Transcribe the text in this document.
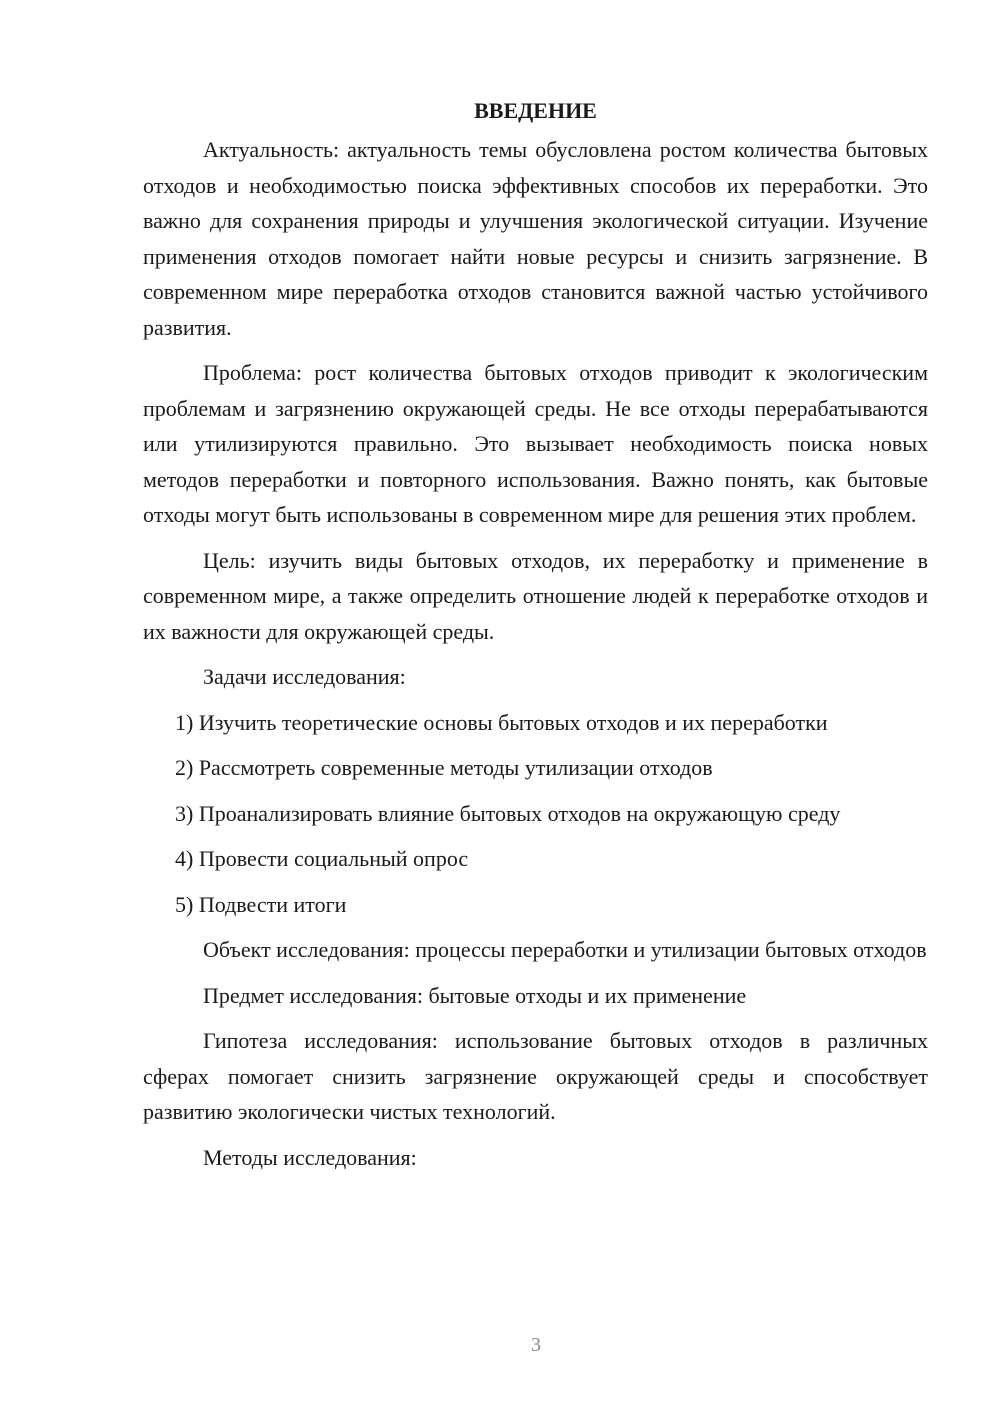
ВВЕДЕНИЕ

Актуальность: актуальность темы обусловлена ростом количества бытовых отходов и необходимостью поиска эффективных способов их переработки. Это важно для сохранения природы и улучшения экологической ситуации. Изучение применения отходов помогает найти новые ресурсы и снизить загрязнение. В современном мире переработка отходов становится важной частью устойчивого развития.

Проблема: рост количества бытовых отходов приводит к экологическим проблемам и загрязнению окружающей среды. Не все отходы перерабатываются или утилизируются правильно. Это вызывает необходимость поиска новых методов переработки и повторного использования. Важно понять, как бытовые отходы могут быть использованы в современном мире для решения этих проблем.

Цель: изучить виды бытовых отходов, их переработку и применение в современном мире, а также определить отношение людей к переработке отходов и их важности для окружающей среды.

Задачи исследования:

1) Изучить теоретические основы бытовых отходов и их переработки

2) Рассмотреть современные методы утилизации отходов

3) Проанализировать влияние бытовых отходов на окружающую среду

4) Провести социальный опрос

5) Подвести итоги

Объект исследования: процессы переработки и утилизации бытовых отходов

Предмет исследования: бытовые отходы и их применение

Гипотеза исследования: использование бытовых отходов в различных сферах помогает снизить загрязнение окружающей среды и способствует развитию экологически чистых технологий.

Методы исследования:

3
